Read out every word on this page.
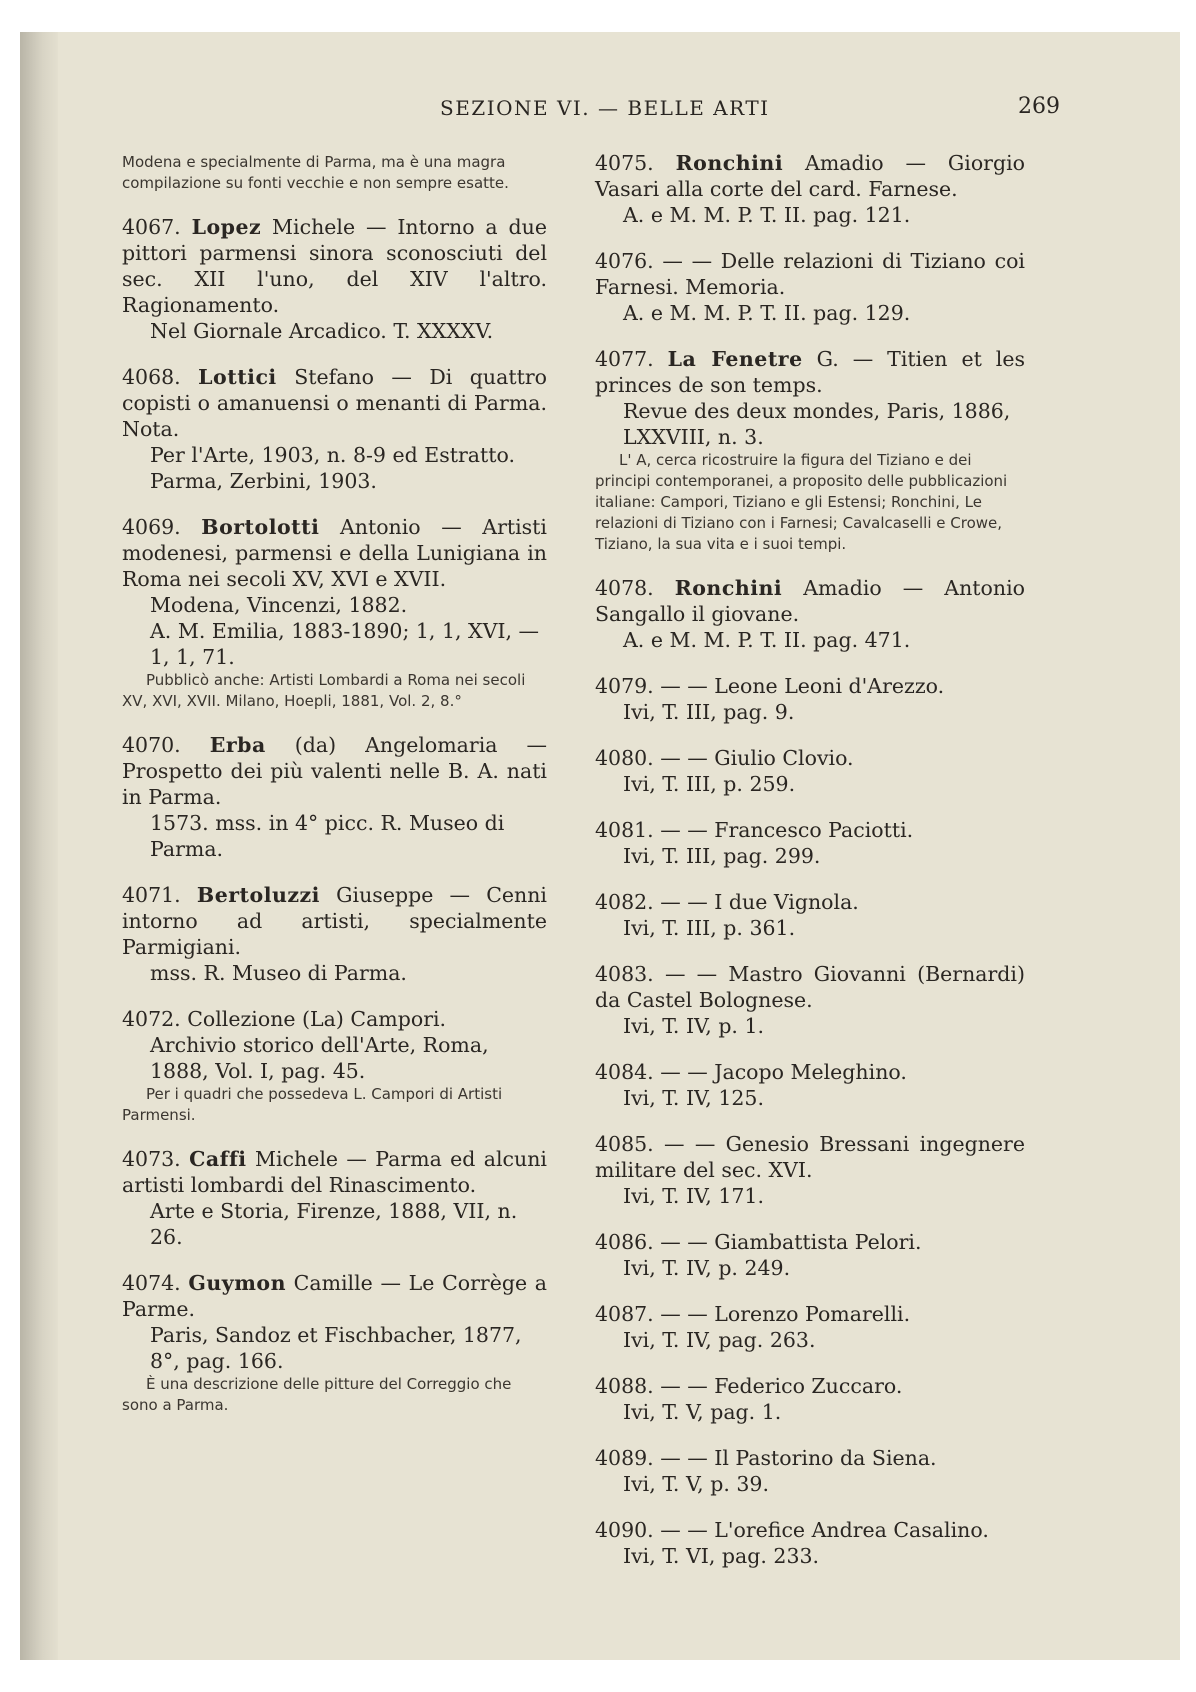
SEZIONE VI. — BELLE ARTI	269

Modena e specialmente di Parma, ma è una magra compilazione su fonti vecchie e non sempre esatte.

4067. Lopez Michele — Intorno a due pittori parmensi sinora sconosciuti del sec. XII l'uno, del XIV l'altro. Ragionamento.

Nel Giornale Arcadico. T. XXXXV.

4068. Lottici Stefano — Di quattro copisti o amanuensi o menanti di Parma. Nota.

Per l'Arte, 1903, n. 8-9 ed Estratto.

Parma, Zerbini, 1903.

4069. Bortolotti Antonio — Artisti modenesi, parmensi e della Lunigiana in Roma nei secoli XV, XVI e XVII.

Modena, Vincenzi, 1882.

A. M. Emilia, 1883-1890; 1, 1, XVI, — 1, 1, 71.

Pubblicò anche: Artisti Lombardi a Roma nei secoli XV, XVI, XVII. Milano, Hoepli, 1881, Vol. 2, 8.°

4070. Erba (da) Angelomaria — Prospetto dei più valenti nelle B. A. nati in Parma.

1573. mss. in 4° picc. R. Museo di Parma.

4071. Bertoluzzi Giuseppe — Cenni intorno ad artisti, specialmente Parmigiani.

mss. R. Museo di Parma.

4072. Collezione (La) Campori.

Archivio storico dell'Arte, Roma, 1888, Vol. I, pag. 45.

Per i quadri che possedeva L. Campori di Artisti Parmensi.

4073. Caffi Michele — Parma ed alcuni artisti lombardi del Rinascimento.

Arte e Storia, Firenze, 1888, VII, n. 26.

4074. Guymon Camille — Le Corrège a Parme.

Paris, Sandoz et Fischbacher, 1877, 8°, pag. 166.

È una descrizione delle pitture del Correggio che sono a Parma.

4075. Ronchini Amadio — Giorgio Vasari alla corte del card. Farnese.

A. e M. M. P. T. II. pag. 121.

4076. — — Delle relazioni di Tiziano coi Farnesi. Memoria.

A. e M. M. P. T. II. pag. 129.

4077. La Fenetre G. — Titien et les princes de son temps.

Revue des deux mondes, Paris, 1886, LXXVIII, n. 3.

L' A, cerca ricostruire la figura del Tiziano e dei principi contemporanei, a proposito delle pubblicazioni italiane: Campori, Tiziano e gli Estensi; Ronchini, Le relazioni di Tiziano con i Farnesi; Cavalcaselli e Crowe, Tiziano, la sua vita e i suoi tempi.

4078. Ronchini Amadio — Antonio Sangallo il giovane.

A. e M. M. P. T. II. pag. 471.

4079. — — Leone Leoni d'Arezzo.

Ivi, T. III, pag. 9.

4080. — — Giulio Clovio.

Ivi, T. III, p. 259.

4081. — — Francesco Paciotti.

Ivi, T. III, pag. 299.

4082. — — I due Vignola.

Ivi, T. III, p. 361.

4083. — — Mastro Giovanni (Bernardi) da Castel Bolognese.

Ivi, T. IV, p. 1.

4084. — — Jacopo Meleghino.

Ivi, T. IV, 125.

4085. — — Genesio Bressani ingegnere militare del sec. XVI.

Ivi, T. IV, 171.

4086. — — Giambattista Pelori.

Ivi, T. IV, p. 249.

4087. — — Lorenzo Pomarelli.

Ivi, T. IV, pag. 263.

4088. — — Federico Zuccaro.

Ivi, T. V, pag. 1.

4089. — — Il Pastorino da Siena.

Ivi, T. V, p. 39.

4090. — — L'orefice Andrea Casalino.

Ivi, T. VI, pag. 233.
